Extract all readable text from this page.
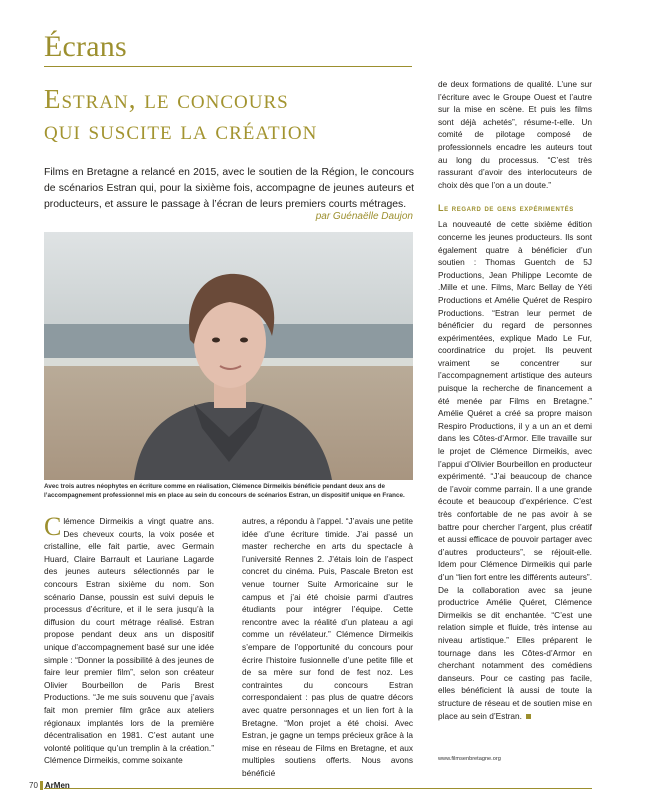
Écrans
Estran, le concours
qui suscite la création
Films en Bretagne a relancé en 2015, avec le soutien de la Région, le concours de scénarios Estran qui, pour la sixième fois, accompagne de jeunes auteurs et producteurs, et assure le passage à l’écran de leurs premiers courts métrages.
par Guénaëlle Daujon
Avec trois autres néophytes en écriture comme en réalisation, Clémence Dirmeikis bénéficie pendant deux ans de l’accompagnement professionnel mis en place au sein du concours de scénarios Estran, un dispositif unique en France.
C lémence Dirmeikis a vingt quatre ans. Des cheveux courts, la voix posée et cristalline, elle fait partie, avec Germain Huard, Claire Barrault et Lauriane Lagarde des jeunes auteurs sélectionnés par le concours Estran sixième du nom. Son scénario Danse, poussin est suivi depuis le processus d’écriture, et il le sera jusqu’à la diffusion du court métrage réalisé. Estran propose pendant deux ans un dispositif unique d’accompagnement basé sur une idée simple : “Donner la possibilité à des jeunes de faire leur premier film”, selon son créateur Olivier Bourbeillon de Paris Brest Productions. “Je me suis souvenu que j’avais fait mon premier film grâce aux ateliers régionaux implantés lors de la première décentralisation en 1981. C’est autant une volonté politique qu’un tremplin à la création.” Clémence Dirmeikis, comme soixante

autres, a répondu à l’appel. “J’avais une petite idée d’une écriture timide. J’ai passé un master recherche en arts du spectacle à l’université Rennes 2. J’étais loin de l’aspect concret du cinéma. Puis, Pascale Breton est venue tourner Suite Armoricaine sur le campus et j’ai été choisie parmi d’autres étudiants pour intégrer l’équipe. Cette rencontre avec la réalité d’un plateau a agi comme un révélateur.” Clémence Dirmeikis s’empare de l’opportunité du concours pour écrire l’histoire fusionnelle d’une petite fille et de sa mère sur fond de fest noz. Les contraintes du concours Estran correspondaient : pas plus de quatre décors avec quatre personnages et un lien fort à la Bretagne. “Mon projet a été choisi. Avec Estran, je gagne un temps précieux grâce à la mise en réseau de Films en Bretagne, et aux multiples soutiens offerts. Nous avons bénéficié

de deux formations de qualité. L’une sur l’écriture avec le Groupe Ouest et l’autre sur la mise en scène. Et puis les films sont déjà achetés”, résume-t-elle. Un comité de pilotage composé de professionnels encadre les auteurs tout au long du processus. “C’est très rassurant d’avoir des interlocuteurs de choix dès que l’on a un doute.”

Le regard de gens expérimentés

La nouveauté de cette sixième édition concerne les jeunes producteurs. Ils sont également quatre à bénéficier d’un soutien : Thomas Guentch de 5J Productions, Jean Philippe Lecomte de .Mille et une. Films, Marc Bellay de Yéti Productions et Amélie Quéret de Respiro Productions. “Estran leur permet de bénéficier du regard de personnes expérimentées, explique Mado Le Fur, coordinatrice du projet. Ils peuvent vraiment se concentrer sur l’accompagnement artistique des auteurs puisque la recherche de financement a été menée par Films en Bretagne.” Amélie Quéret a créé sa propre maison Respiro Productions, il y a un an et demi dans les Côtes-d’Armor. Elle travaille sur le projet de Clémence Dirmeikis, avec l’appui d’Olivier Bourbeillon en producteur expérimenté. “J’ai beaucoup de chance de l’avoir comme parrain. Il a une grande écoute et beaucoup d’expérience. C’est très confortable de ne pas avoir à se battre pour chercher l’argent, plus créatif et aussi efficace de pouvoir partager avec d’autres producteurs”, se réjouit-elle. Idem pour Clémence Dirmeikis qui parle d’un “lien fort entre les différents auteurs”. De la collaboration avec sa jeune productrice Amélie Quéret, Clémence Dirmeikis se dit enchantée. “C’est une relation simple et fluide, très intense au niveau artistique.” Elles préparent le tournage dans les Côtes-d’Armor en cherchant notamment des comédiens danseurs. Pour ce casting pas facile, elles bénéficient là aussi de toute la structure de réseau et de soutien mise en place au sein d’Estran.

www.filmsenbretagne.org
70 ArMen
